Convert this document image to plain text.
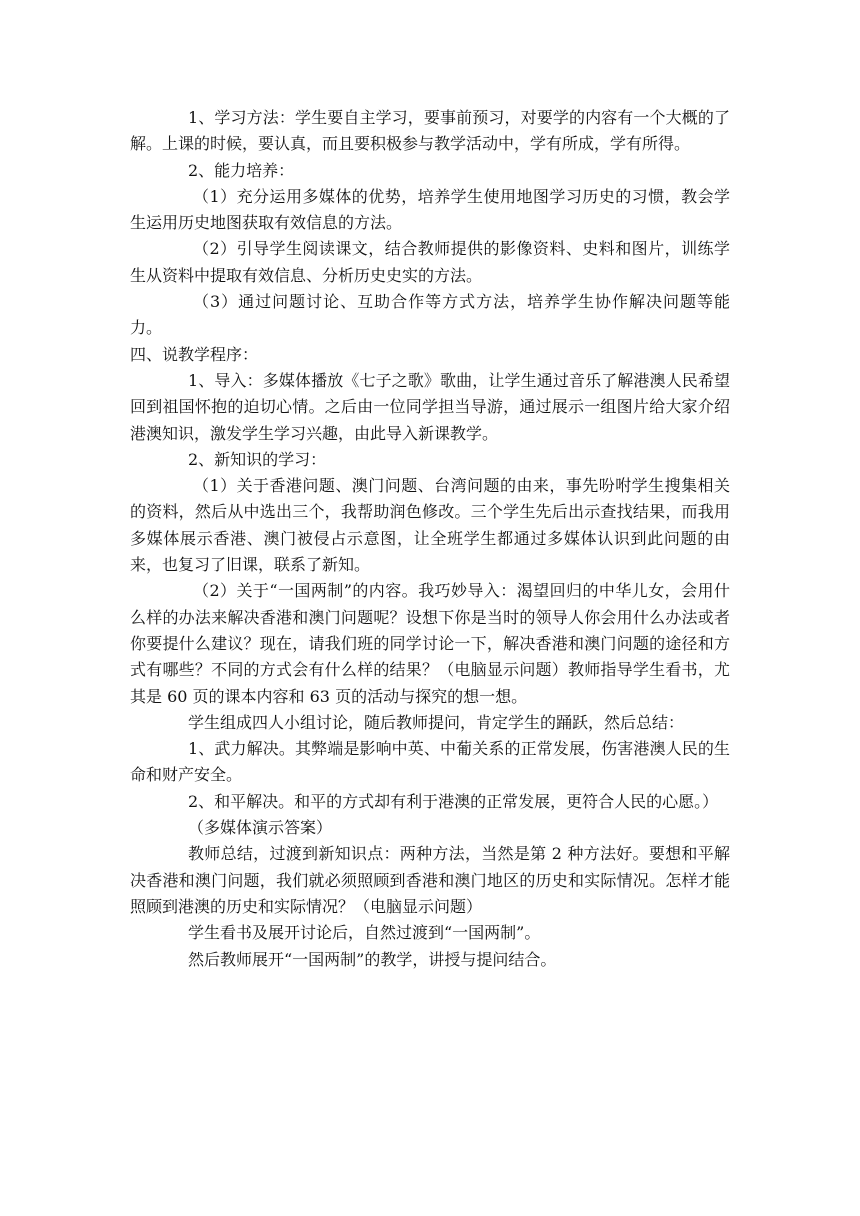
1、学习方法：学生要自主学习，要事前预习，对要学的内容有一个大概的了解。上课的时候，要认真，而且要积极参与教学活动中，学有所成，学有所得。

2、能力培养：

（1）充分运用多媒体的优势，培养学生使用地图学习历史的习惯，教会学生运用历史地图获取有效信息的方法。

（2）引导学生阅读课文，结合教师提供的影像资料、史料和图片，训练学生从资料中提取有效信息、分析历史史实的方法。

（3）通过问题讨论、互助合作等方式方法，培养学生协作解决问题等能力。

四、说教学程序：

1、导入：多媒体播放《七子之歌》歌曲，让学生通过音乐了解港澳人民希望回到祖国怀抱的迫切心情。之后由一位同学担当导游，通过展示一组图片给大家介绍港澳知识，激发学生学习兴趣，由此导入新课教学。

2、新知识的学习：

（1）关于香港问题、澳门问题、台湾问题的由来，事先吩咐学生搜集相关的资料，然后从中选出三个，我帮助润色修改。三个学生先后出示查找结果，而我用多媒体展示香港、澳门被侵占示意图，让全班学生都通过多媒体认识到此问题的由来，也复习了旧课，联系了新知。

（2）关于“一国两制”的内容。我巧妙导入：渴望回归的中华儿女，会用什么样的办法来解决香港和澳门问题呢？设想下你是当时的领导人你会用什么办法或者你要提什么建议？现在，请我们班的同学讨论一下，解决香港和澳门问题的途径和方式有哪些？不同的方式会有什么样的结果？（电脑显示问题）教师指导学生看书，尤其是 60 页的课本内容和 63 页的活动与探究的想一想。

学生组成四人小组讨论，随后教师提问，肯定学生的踊跃，然后总结：

1、武力解决。其弊端是影响中英、中葡关系的正常发展，伤害港澳人民的生命和财产安全。

2、和平解决。和平的方式却有利于港澳的正常发展，更符合人民的心愿。）

（多媒体演示答案）

教师总结，过渡到新知识点：两种方法，当然是第 2 种方法好。要想和平解决香港和澳门问题，我们就必须照顾到香港和澳门地区的历史和实际情况。怎样才能照顾到港澳的历史和实际情况？（电脑显示问题）

学生看书及展开讨论后，自然过渡到“一国两制”。

然后教师展开“一国两制”的教学，讲授与提问结合。
